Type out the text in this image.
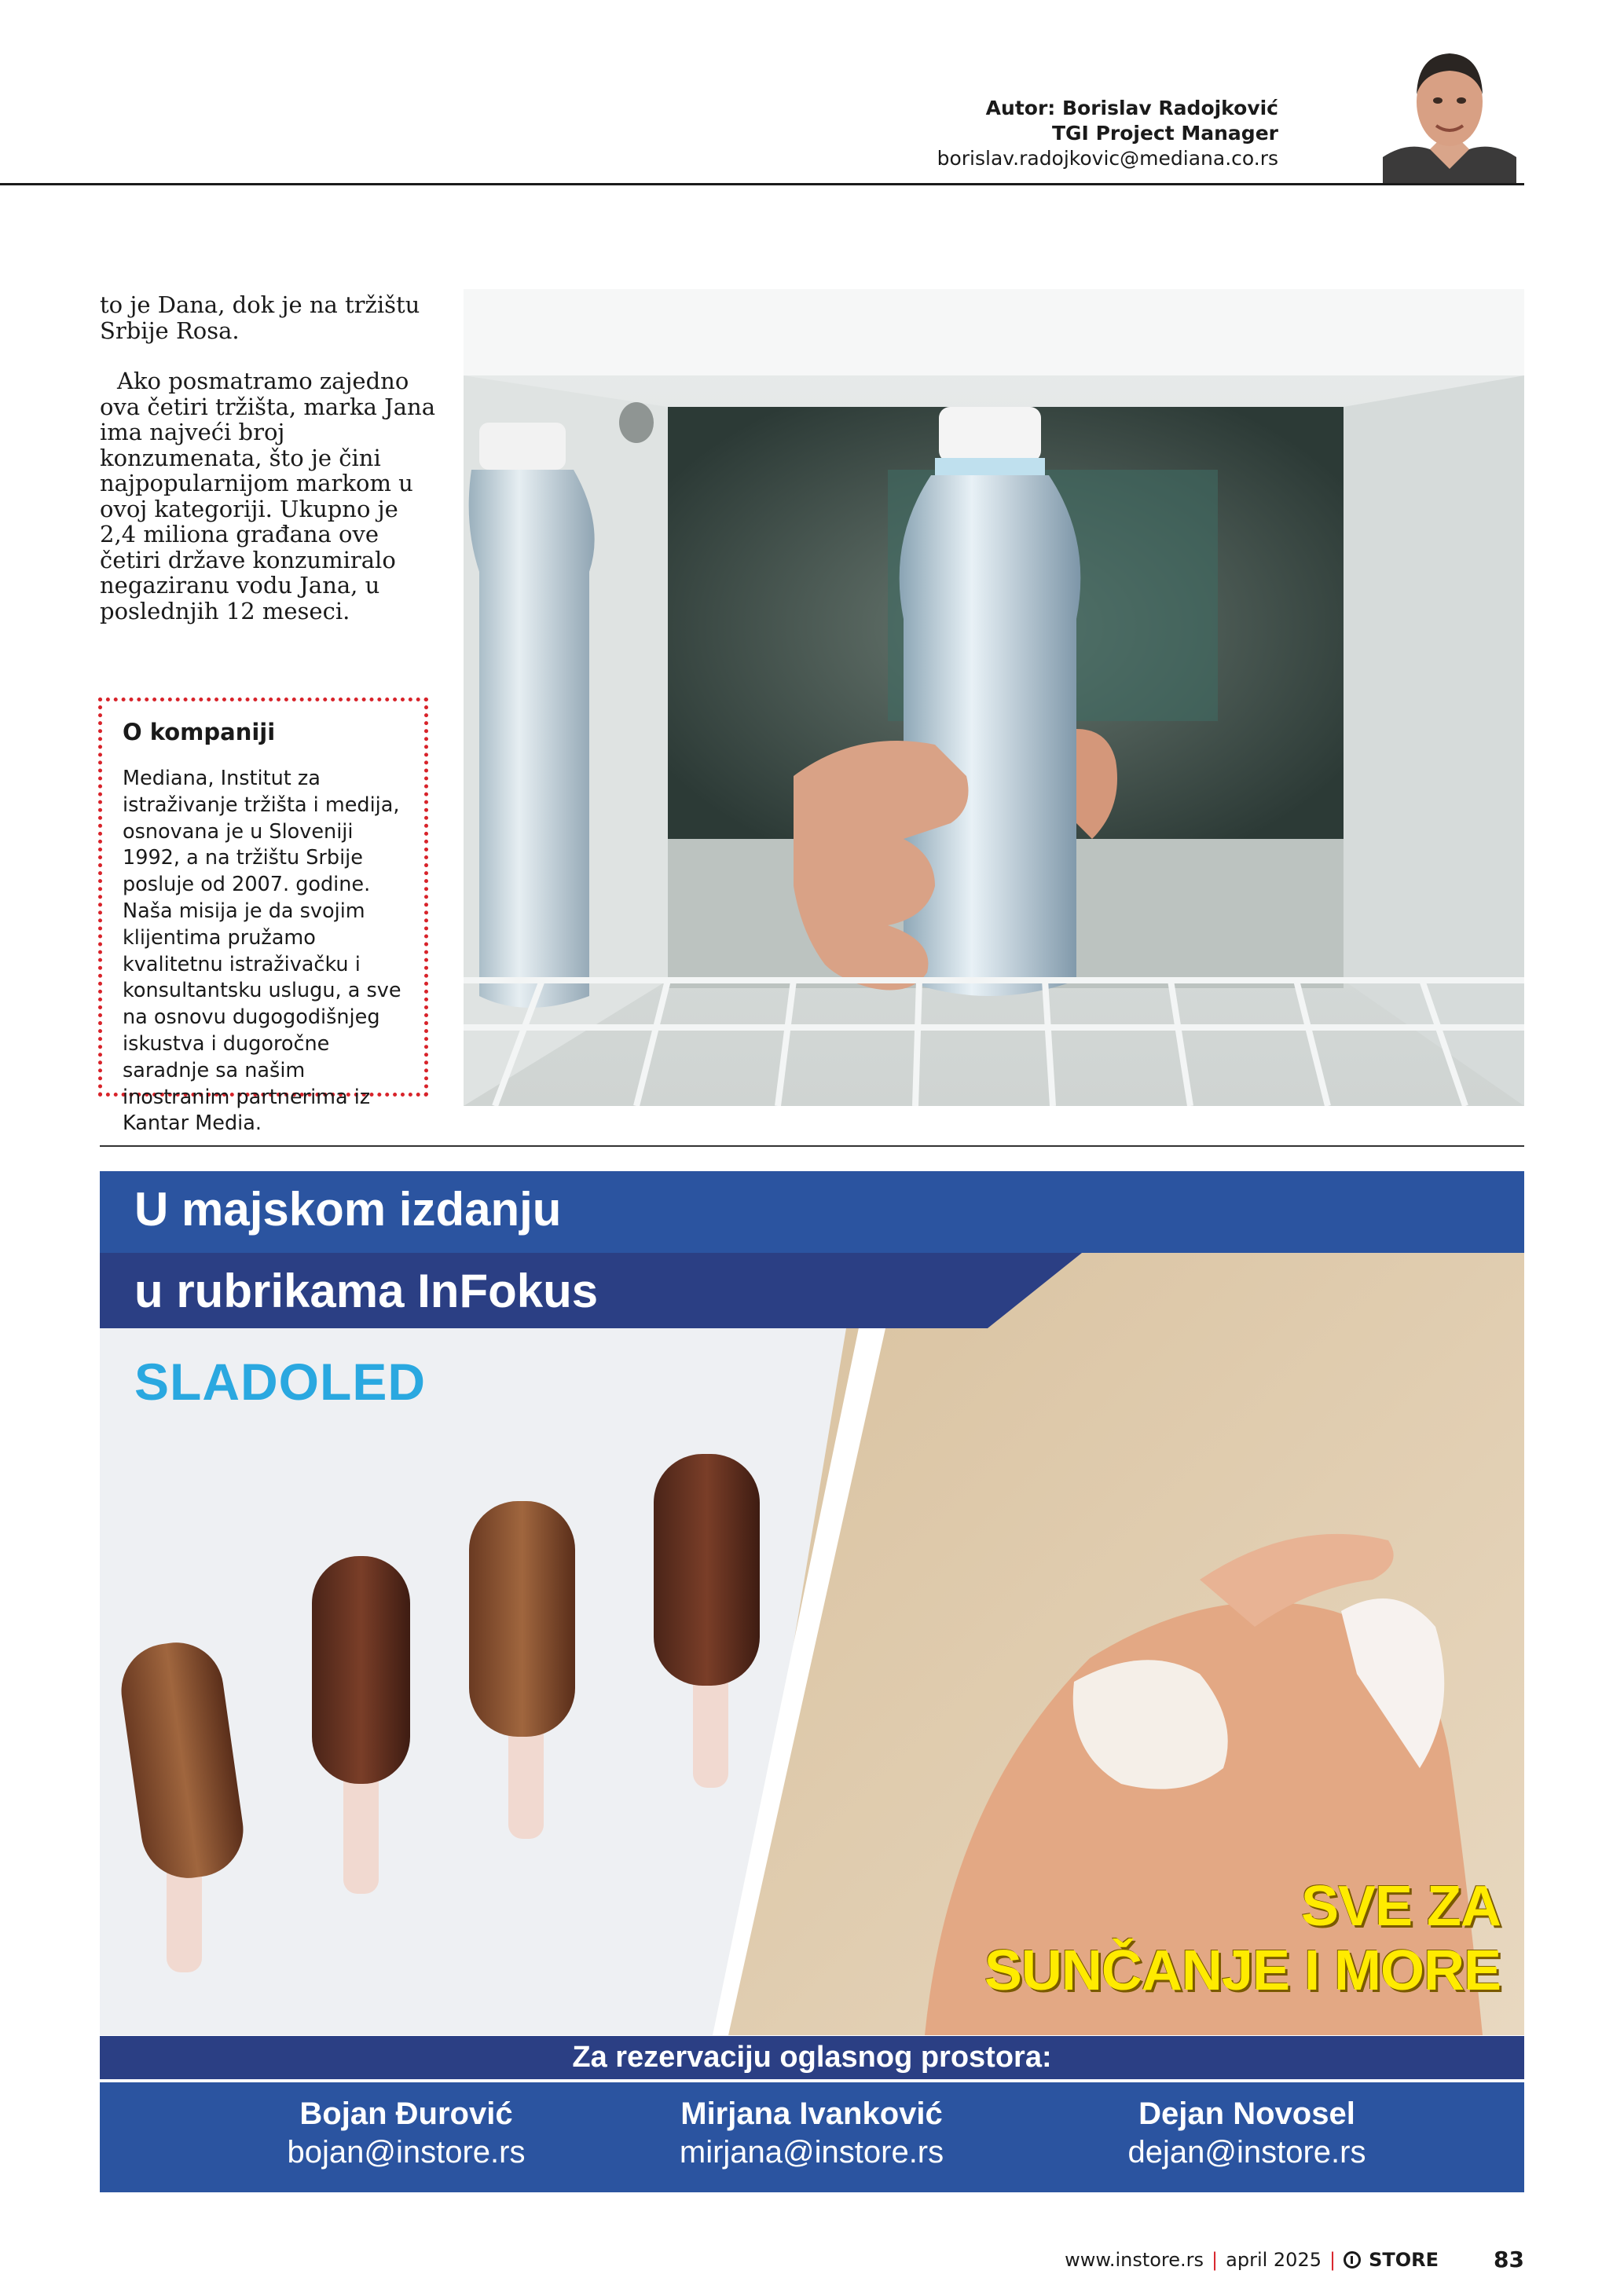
Autor: Borislav Radojković
TGI Project Manager
borislav.radojkovic@mediana.co.rs

to je Dana, dok je na tržištu Srbije Rosa.

Ako posmatramo zajedno ova četiri tržišta, marka Jana ima najveći broj konzumenata, što je čini najpopularnijom markom u ovoj kategoriji. Ukupno je 2,4 miliona građana ove četiri države konzumiralo negaziranu vodu Jana, u poslednjih 12 meseci.

O kompaniji
Mediana, Institut za istraživanje tržišta i medija, osnovana je u Sloveniji 1992, a na tržištu Srbije posluje od 2007. godine. Naša misija je da svojim klijentima pružamo kvalitetnu istraživačku i konsultantsku uslugu, a sve na osnovu dugogodišnjeg iskustva i dugoročne saradnje sa našim inostranim partnerima iz Kantar Media.
U majskom izdanju
u rubrikama InFokus
SLADOLED
SVE ZA
SUNČANJE I MORE
Za rezervaciju oglasnog prostora:
Bojan Đurović
bojan@instore.rs
Mirjana Ivanković
mirjana@instore.rs
Dejan Novosel
dejan@instore.rs
www.instore.rs | april 2025 | STORE	83
